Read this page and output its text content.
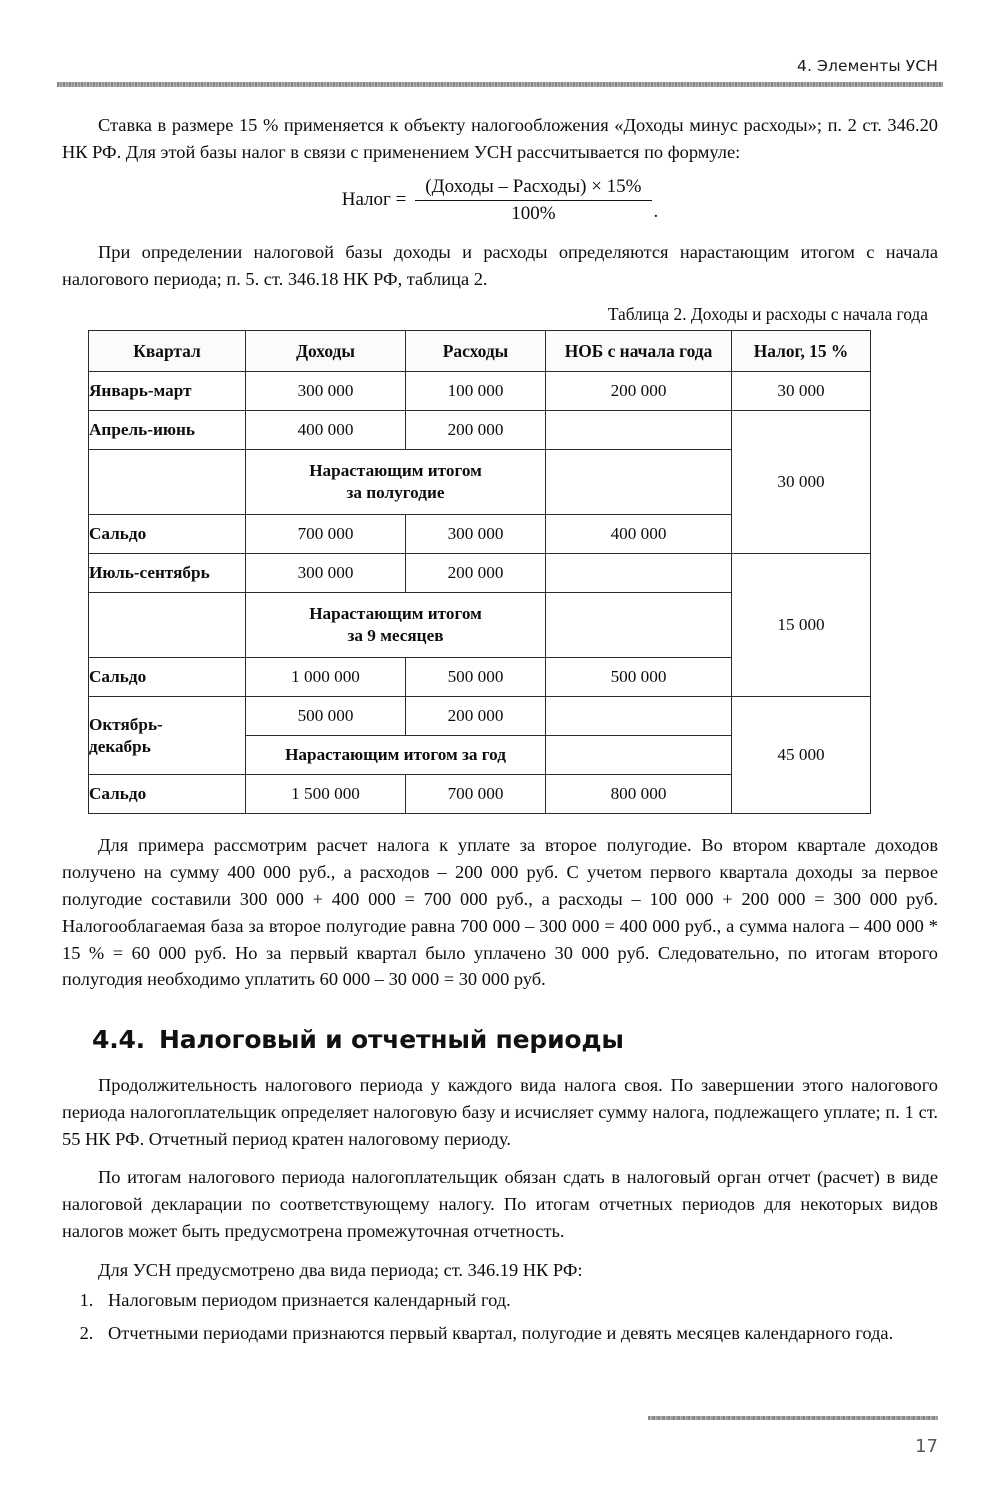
4. Элементы УСН

Ставка в размере 15 % применяется к объекту налогообложения «Доходы минус расходы»; п. 2 ст. 346.20 НК РФ. Для этой базы налог в связи с применением УСН рассчитывается по формуле:

Налог = $\frac{\text{(Доходы – Расходы) × 15\%}}{100\%}$ .

При определении налоговой базы доходы и расходы определяются нарастающим итогом с начала налогового периода; п. 5. ст. 346.18 НК РФ, таблица 2.

Таблица 2. Доходы и расходы с начала года
Квартал	Доходы	Расходы	НОБ с начала года	Налог, 15 %
Январь-март	300 000	100 000	200 000	30 000
Апрель-июнь	400 000	200 000		30 000
	Нарастающим итогом
за полугодие			
Сальдо	700 000	300 000	400 000	
Июль-сентябрь	300 000	200 000		15 000
	Нарастающим итогом
за 9 месяцев			
Сальдо	1 000 000	500 000	500 000	
Октябрь-
декабрь	500 000	200 000		45 000
	Нарастающим итогом за год			
Сальдо	1 500 000	700 000	800 000	

Для примера рассмотрим расчет налога к уплате за второе полугодие. Во втором квартале доходов получено на сумму 400 000 руб., а расходов – 200 000 руб. С учетом первого квартала доходы за первое полугодие составили 300 000 + 400 000 = 700 000 руб., а расходы – 100 000 + 200 000 = 300 000 руб. Налогооблагаемая база за второе полугодие равна 700 000 – 300 000 = 400 000 руб., а сумма налога – 400 000 * 15 % = 60 000 руб. Но за первый квартал было уплачено 30 000 руб. Следовательно, по итогам второго полугодия необходимо уплатить 60 000 – 30 000 = 30 000 руб.

4.4. Налоговый и отчетный периоды

Продолжительность налогового периода у каждого вида налога своя. По завершении этого налогового периода налогоплательщик определяет налоговую базу и исчисляет сумму налога, подлежащего уплате; п. 1 ст. 55 НК РФ. Отчетный период кратен налоговому периоду.

По итогам налогового периода налогоплательщик обязан сдать в налоговый орган отчет (расчет) в виде налоговой декларации по соответствующему налогу. По итогам отчетных периодов для некоторых видов налогов может быть предусмотрена промежуточная отчетность.

Для УСН предусмотрено два вида периода; ст. 346.19 НК РФ:

1. Налоговым периодом признается календарный год.
2. Отчетными периодами признаются первый квартал, полугодие и девять месяцев календарного года.
17
